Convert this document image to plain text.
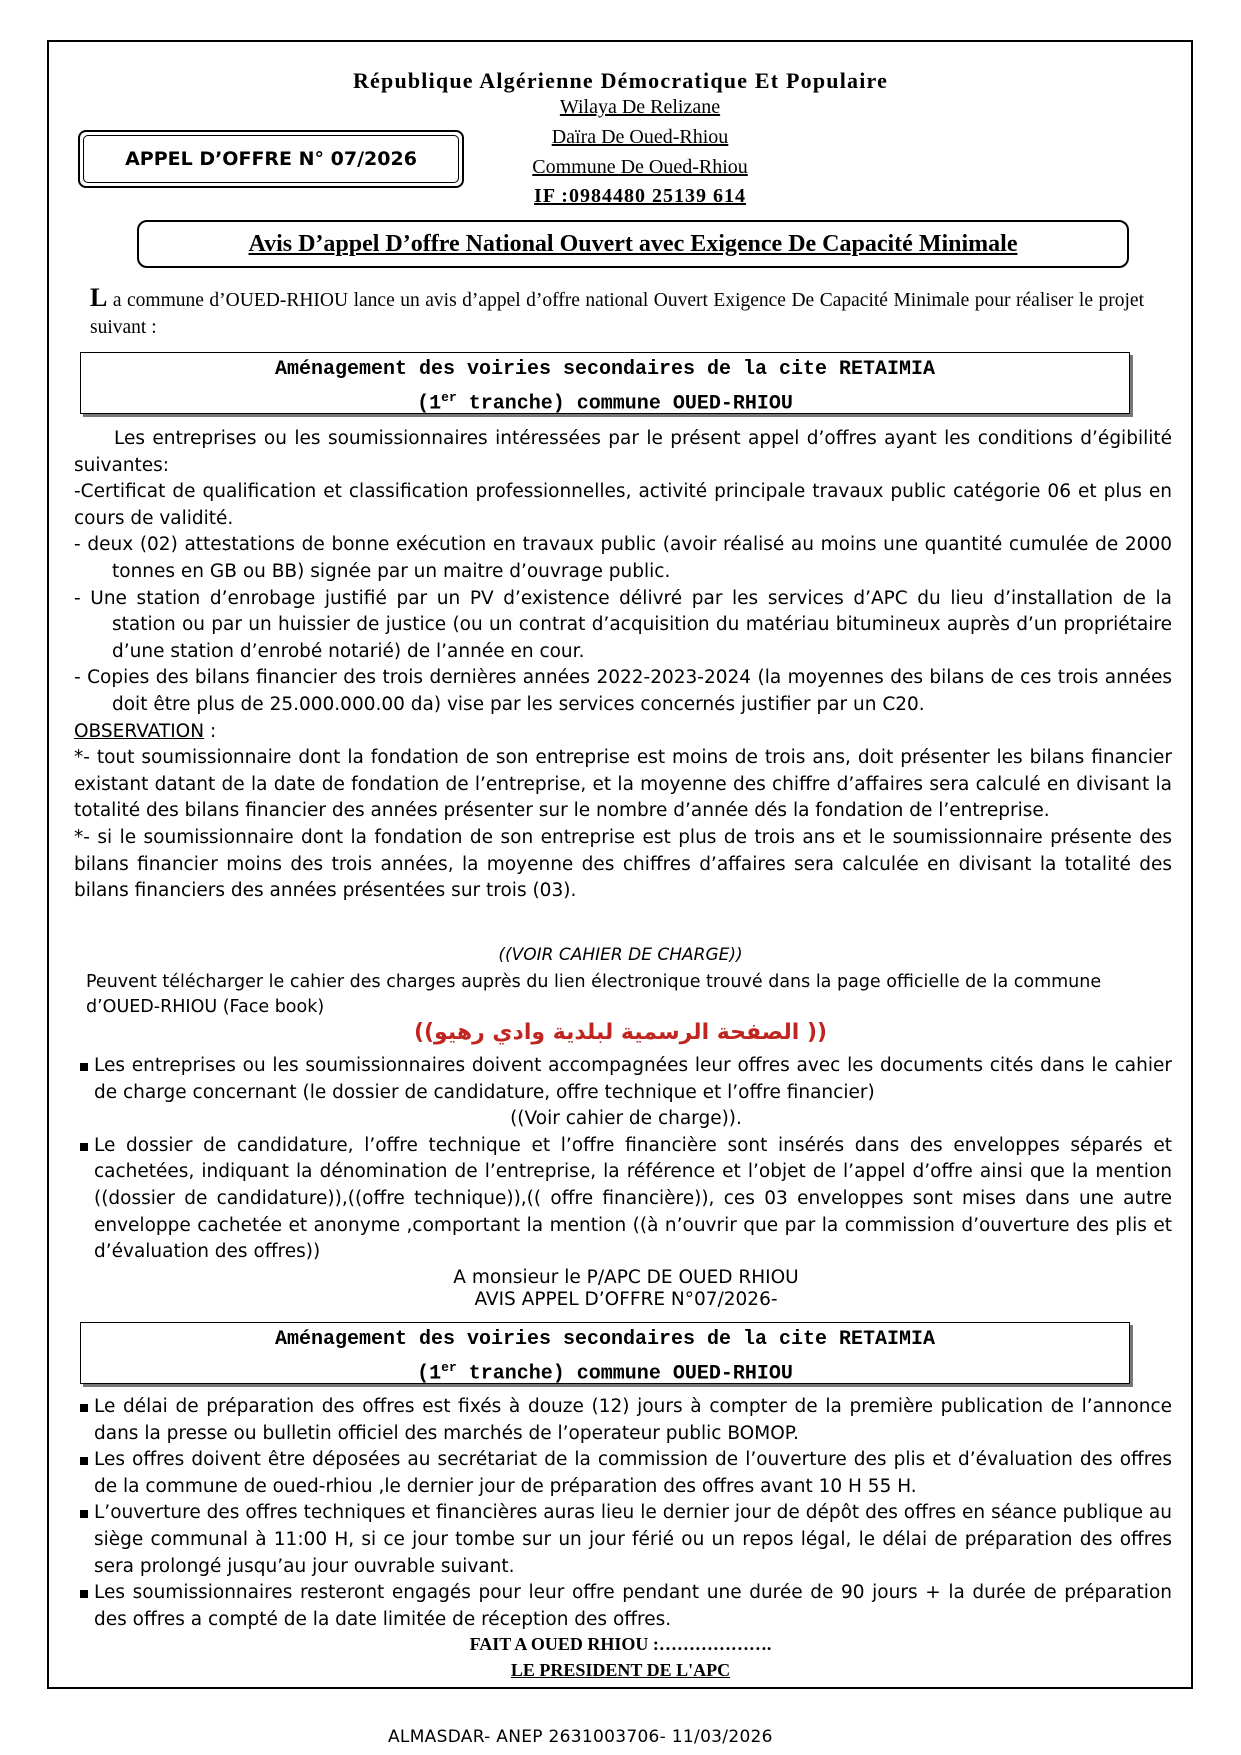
République Algérienne Démocratique Et Populaire
Wilaya De Relizane
Daïra De Oued-Rhiou
Commune De Oued-Rhiou
IF :0984480 25139 614
APPEL D’OFFRE N° 07/2026
Avis D’appel D’offre National Ouvert avec Exigence De Capacité Minimale
L a commune d’OUED-RHIOU lance un avis d’appel d’offre national Ouvert Exigence De Capacité Minimale pour réaliser le projet suivant :
Aménagement des voiries secondaires de la cite RETAIMIA
(1er tranche) commune OUED-RHIOU

Les entreprises ou les soumissionnaires intéressées par le présent appel d’offres ayant les conditions d’égibilité suivantes:

-Certificat de qualification et classification professionnelles, activité principale travaux public catégorie 06 et plus en cours de validité.

- deux (02) attestations de bonne exécution en travaux public (avoir réalisé au moins une quantité cumulée de 2000 tonnes en GB ou BB) signée par un maitre d’ouvrage public.

- Une station d’enrobage justifié par un PV d’existence délivré par les services d’APC du lieu d’installation de la station ou par un huissier de justice (ou un contrat d’acquisition du matériau bitumineux auprès d’un propriétaire d’une station d’enrobé notarié) de l’année en cour.

- Copies des bilans financier des trois dernières années 2022-2023-2024 (la moyennes des bilans de ces trois années doit être plus de 25.000.000.00 da) vise par les services concernés justifier par un C20.

OBSERVATION :

*- tout soumissionnaire dont la fondation de son entreprise est moins de trois ans, doit présenter les bilans financier existant datant de la date de fondation de l’entreprise, et la moyenne des chiffre d’affaires sera calculé en divisant la totalité des bilans financier des années présenter sur le nombre d’année dés la fondation de l’entreprise.

*- si le soumissionnaire dont la fondation de son entreprise est plus de trois ans et le soumissionnaire présente des bilans financier moins des trois années, la moyenne des chiffres d’affaires sera calculée en divisant la totalité des bilans financiers des années présentées sur trois (03).

((VOIR CAHIER DE CHARGE))
Peuvent télécharger le cahier des charges auprès du lien électronique trouvé dans la page officielle de la commune d’OUED-RHIOU (Face book)
(( الصفحة الرسمية لبلدية وادي رهيو))

Les entreprises ou les soumissionnaires doivent accompagnées leur offres avec les documents cités dans le cahier de charge concernant (le dossier de candidature, offre technique et l’offre financier)

((Voir cahier de charge)).

Le dossier de candidature, l’offre technique et l’offre financière sont insérés dans des enveloppes séparés et cachetées, indiquant la dénomination de l’entreprise, la référence et l’objet de l’appel d’offre ainsi que la mention ((dossier de candidature)),((offre technique)),(( offre financière)), ces 03 enveloppes sont mises dans une autre enveloppe cachetée et anonyme ,comportant la mention ((à n’ouvrir que par la commission d’ouverture des plis et d’évaluation des offres))

A monsieur le P/APC DE OUED RHIOU

AVIS APPEL D’OFFRE N°07/2026-

Aménagement des voiries secondaires de la cite RETAIMIA
(1er tranche) commune OUED-RHIOU

Le délai de préparation des offres est fixés à douze (12) jours à compter de la première publication de l’annonce dans la presse ou bulletin officiel des marchés de l’operateur public BOMOP.

Les offres doivent être déposées au secrétariat de la commission de l’ouverture des plis et d’évaluation des offres de la commune de oued-rhiou ,le dernier jour de préparation des offres avant 10 H 55 H.

L’ouverture des offres techniques et financières auras lieu le dernier jour de dépôt des offres en séance publique au siège communal à 11:00 H, si ce jour tombe sur un jour férié ou un repos légal, le délai de préparation des offres sera prolongé jusqu’au jour ouvrable suivant.

Les soumissionnaires resteront engagés pour leur offre pendant une durée de 90 jours + la durée de préparation des offres a compté de la date limitée de réception des offres.

FAIT A OUED RHIOU :……………….
LE PRESIDENT DE L'APC
ALMASDAR- ANEP 2631003706- 11/03/2026
